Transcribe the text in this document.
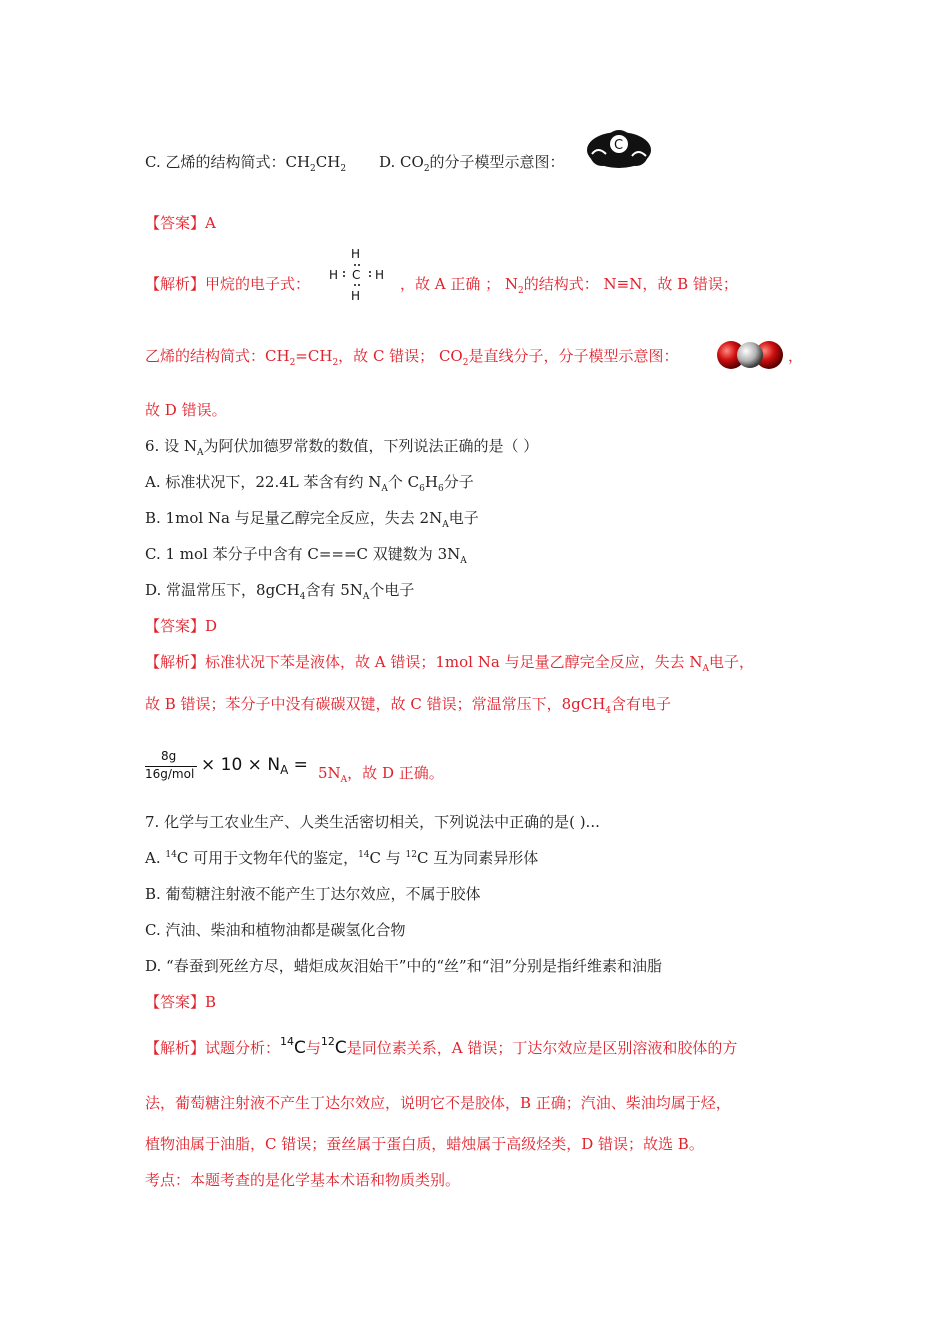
C. 乙烯的结构简式：$CH_2CH_2$ D. $CO_2$的分子模型示意图：
C
【答案】A
【解析】甲烷的电子式：
H
H
H	H
C	，故 A 正确 ； $N_2$的结构式： N≡N，故 B 错误；
乙烯的结构简式：$CH_2=CH_2$，故 C 错误； $CO_2$是直线分子，分子模型示意图：	，
故 D 错误。
6. 设 $N_A$为阿伏加德罗常数的数值，下列说法正确的是（ ）
A. 标准状况下，22.4L 苯含有约 $N_A$个 $C_6H_6$分子
B. 1mol Na 与足量乙醇完全反应，失去 $2N_A$电子
C. 1 mol 苯分子中含有 C===C 双键数为 $3N_A$
D. 常温常压下，8gCH$_4$含有 $5N_A$个电子
【答案】D
【解析】标准状况下苯是液体，故 A 错误；1mol Na 与足量乙醇完全反应，失去 $N_A$电子，
故 B 错误；苯分子中没有碳碳双键，故 C 错误；常温常压下，8gCH$_4$含有电子
8g
$16g/mol \times 10 \times N_A = 5N_A$，故 D 正确。
7. 化学与工农业生产、人类生活密切相关，下列说法中正确的是( )...
A. $^{14}$C 可用于文物年代的鉴定，$^{14}$C 与 $^{12}$C 互为同素异形体
B. 葡萄糖注射液不能产生丁达尔效应，不属于胶体
C. 汽油、柴油和植物油都是碳氢化合物
D. “春蚕到死丝方尽，蜡炬成灰泪始干”中的“丝”和“泪”分别是指纤维素和油脂
【答案】B
【解析】试题分析：$^{14}$C与$^{12}$C是同位素关系，A 错误；丁达尔效应是区别溶液和胶体的方
法，葡萄糖注射液不产生丁达尔效应，说明它不是胶体，B 正确；汽油、柴油均属于烃，
植物油属于油脂，C 错误；蚕丝属于蛋白质，蜡烛属于高级烃类，D 错误；故选 B。
考点：本题考查的是化学基本术语和物质类别。
